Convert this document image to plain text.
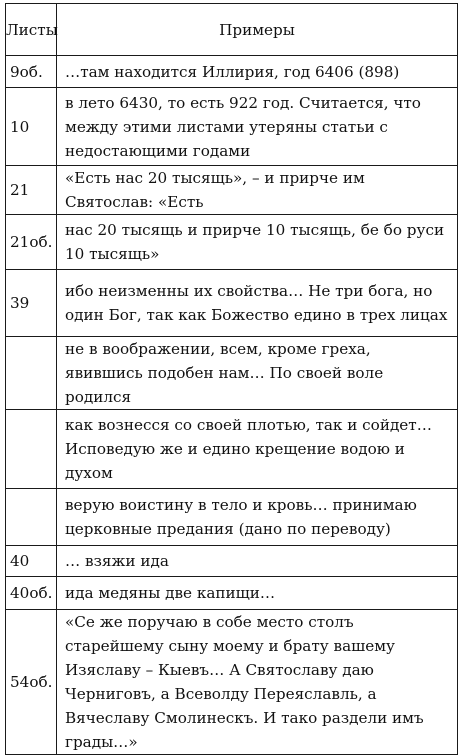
Листы	Примеры
9об.	…там находится Иллирия, год 6406 (898)
10	в лето 6430, то есть 922 год. Считается, что между этими листами утеряны статьи с недостающими годами
21	«Есть нас 20 тысящь», – и прирче им Святослав: «Есть
21об.	нас 20 тысящь и прирче 10 тысящь, бе бо руси 10 тысящь»
39	ибо неизменны их свойства… Не три бога, но один Бог, так как Божество едино в трех лицах
	не в воображении, всем, кроме греха, явившись подобен нам… По своей воле родился
	как вознесся со своей плотью, так и сойдет… Исповедую же и едино крещение водою и духом
	верую воистину в тело и кровь… принимаю церковные предания (дано по переводу)
40	… взяжи ида
40об.	ида медяны две капищи…
54об.	«Се же поручаю в собе место столъ старейшему сыну моему и брату вашему Изяславу – Кыевъ… А Святославу даю Черниговъ, а Всеволду Переяславль, а Вячеславу Смолинескъ. И тако раздели имъ грады…»
